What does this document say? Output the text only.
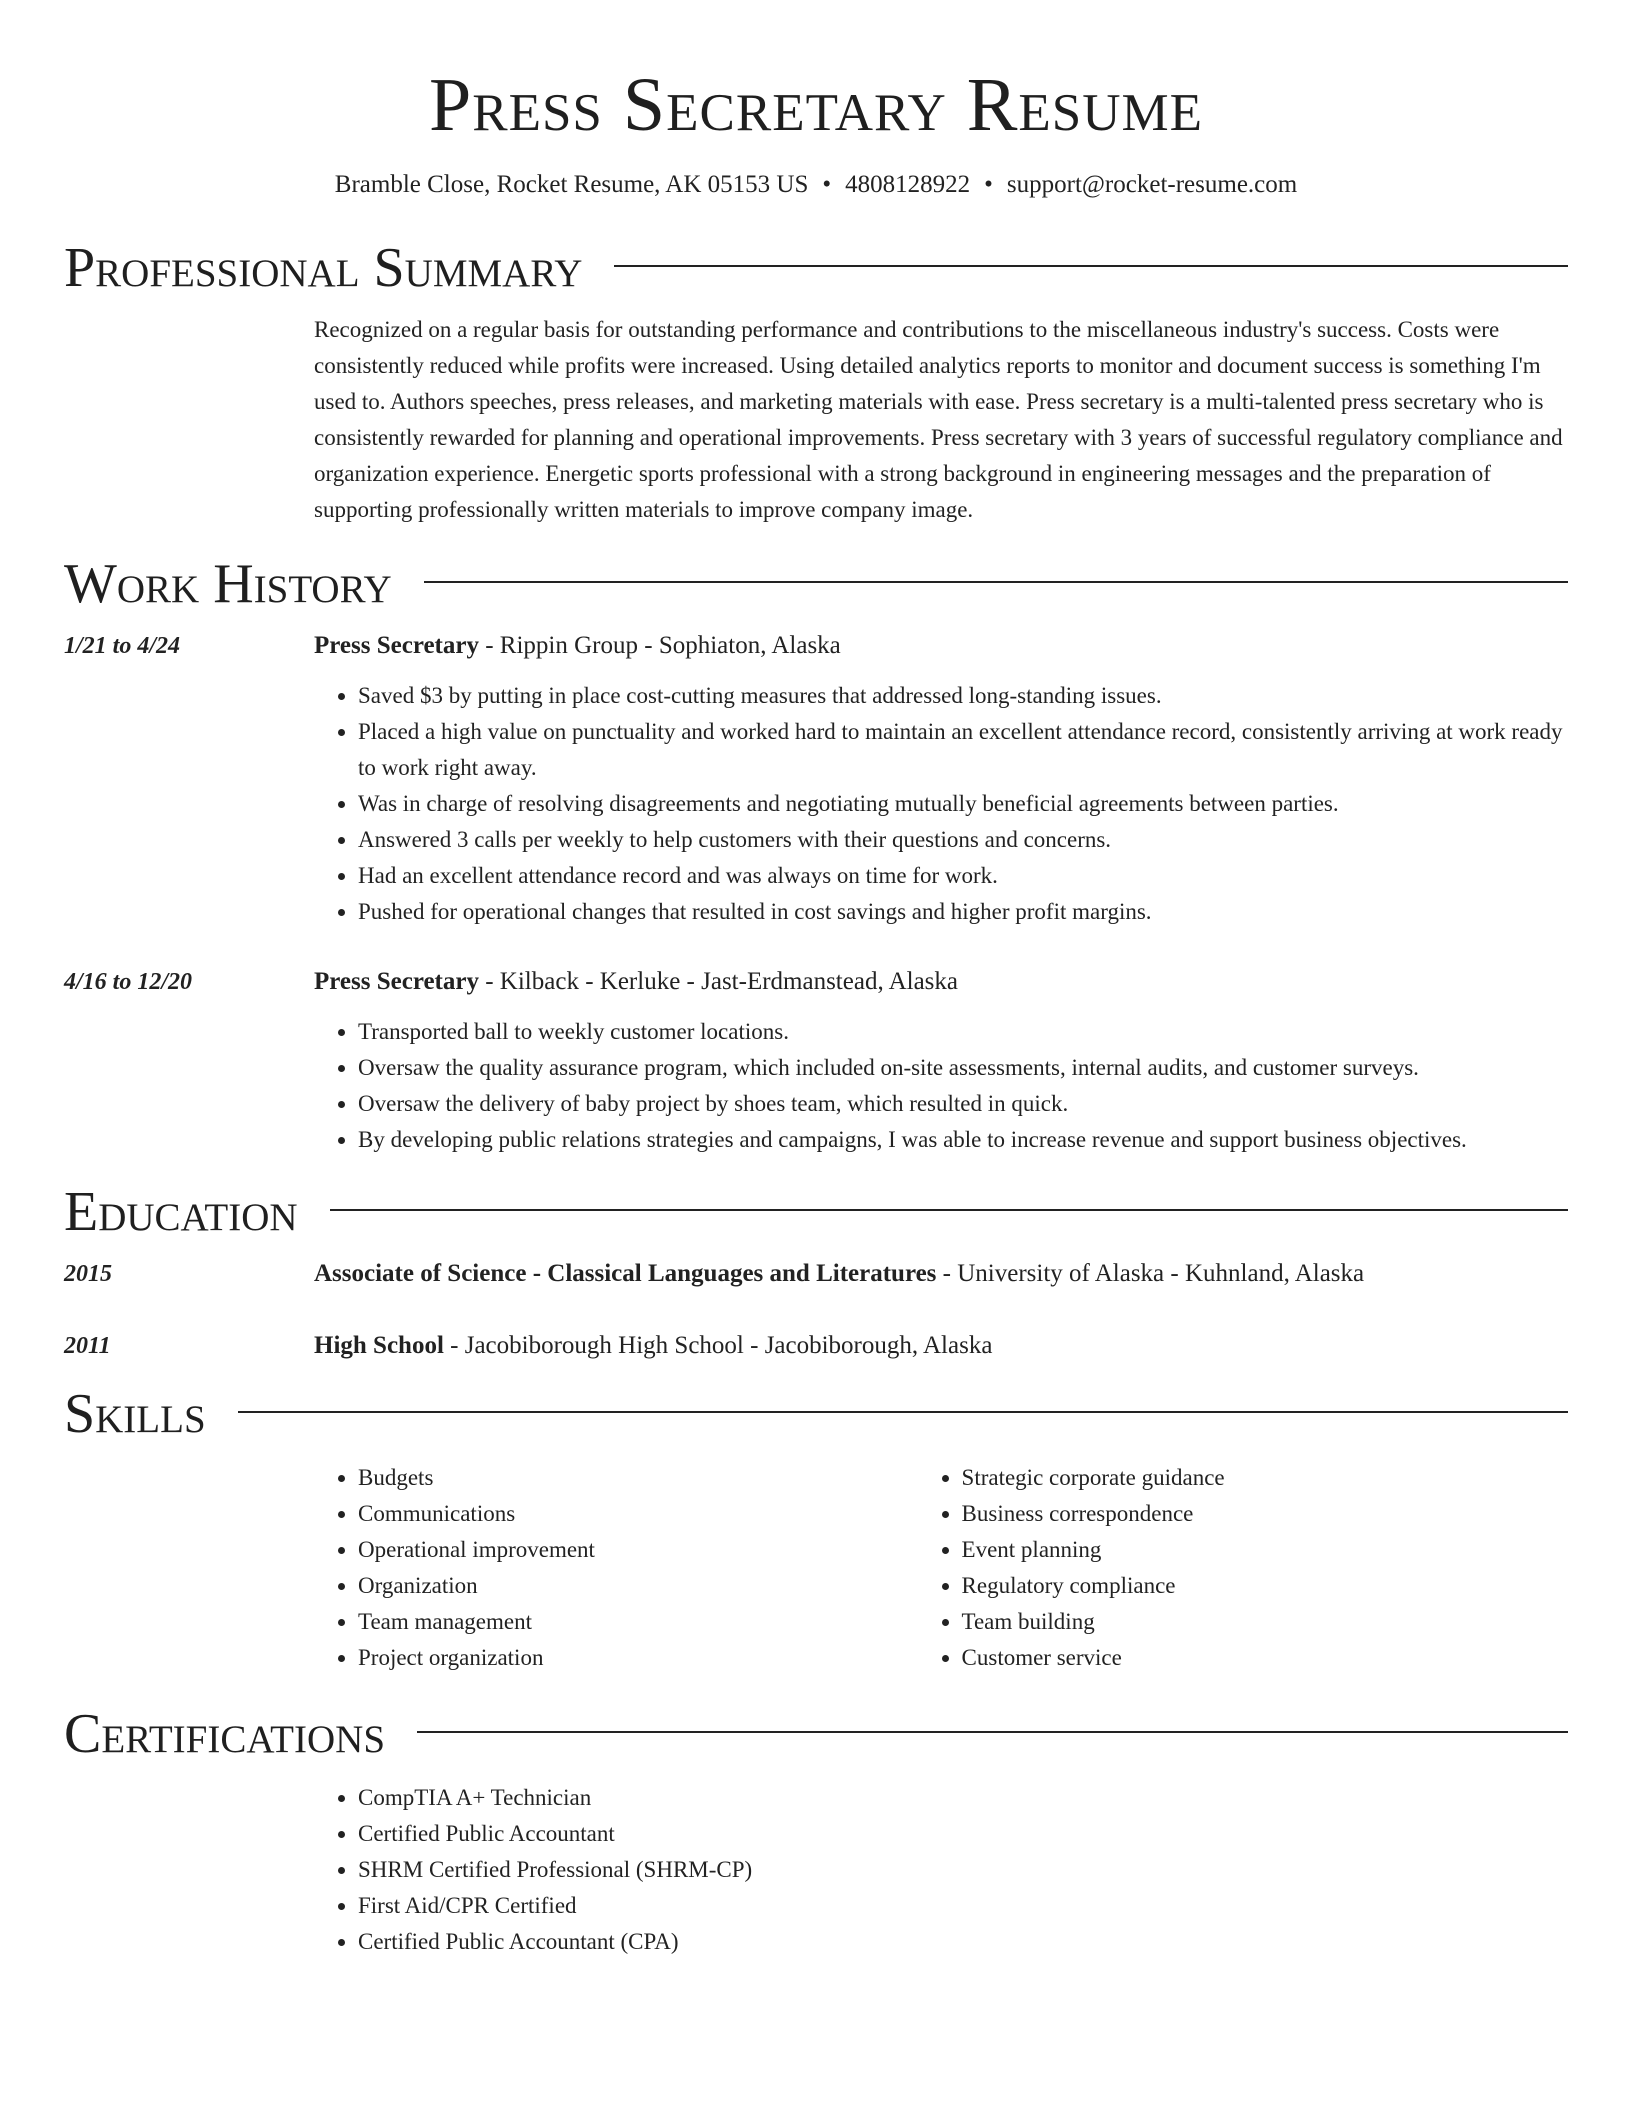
Press Secretary Resume
Bramble Close, Rocket Resume, AK 05153 US • 4808128922 • support@rocket-resume.com
Professional Summary
Recognized on a regular basis for outstanding performance and contributions to the miscellaneous industry's success. Costs were consistently reduced while profits were increased. Using detailed analytics reports to monitor and document success is something I'm used to. Authors speeches, press releases, and marketing materials with ease. Press secretary is a multi-talented press secretary who is consistently rewarded for planning and operational improvements. Press secretary with 3 years of successful regulatory compliance and organization experience. Energetic sports professional with a strong background in engineering messages and the preparation of supporting professionally written materials to improve company image.
Work History
1/21 to 4/24	Press Secretary - Rippin Group - Sophiaton, Alaska
• Saved $3 by putting in place cost-cutting measures that addressed long-standing issues.
• Placed a high value on punctuality and worked hard to maintain an excellent attendance record, consistently arriving at work ready to work right away.
• Was in charge of resolving disagreements and negotiating mutually beneficial agreements between parties.
• Answered 3 calls per weekly to help customers with their questions and concerns.
• Had an excellent attendance record and was always on time for work.
• Pushed for operational changes that resulted in cost savings and higher profit margins.
4/16 to 12/20	Press Secretary - Kilback - Kerluke - Jast-Erdmanstead, Alaska
• Transported ball to weekly customer locations.
• Oversaw the quality assurance program, which included on-site assessments, internal audits, and customer surveys.
• Oversaw the delivery of baby project by shoes team, which resulted in quick.
• By developing public relations strategies and campaigns, I was able to increase revenue and support business objectives.
Education
2015	Associate of Science - Classical Languages and Literatures - University of Alaska - Kuhnland, Alaska
2011	High School - Jacobiborough High School - Jacobiborough, Alaska
Skills
• Budgets
• Communications
• Operational improvement
• Organization
• Team management
• Project organization
• Strategic corporate guidance
• Business correspondence
• Event planning
• Regulatory compliance
• Team building
• Customer service
Certifications
• CompTIA A+ Technician
• Certified Public Accountant
• SHRM Certified Professional (SHRM-CP)
• First Aid/CPR Certified
• Certified Public Accountant (CPA)
